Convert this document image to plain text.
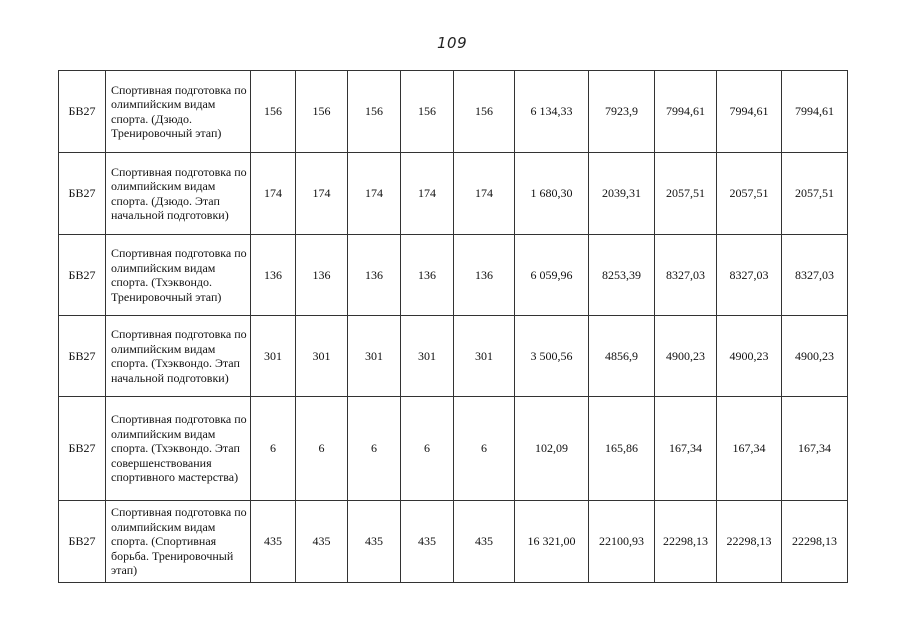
109
БВ27	Спортивная подготовка по олимпийским видам спорта. (Дзюдо. Тренировочный этап)	156	156	156	156	156	6 134,33	7923,9	7994,61	7994,61	7994,61
БВ27	Спортивная подготовка по олимпийским видам спорта. (Дзюдо. Этап начальной подготовки)	174	174	174	174	174	1 680,30	2039,31	2057,51	2057,51	2057,51
БВ27	Спортивная подготовка по олимпийским видам спорта. (Тхэквондо. Тренировочный этап)	136	136	136	136	136	6 059,96	8253,39	8327,03	8327,03	8327,03
БВ27	Спортивная подготовка по олимпийским видам спорта. (Тхэквондо. Этап начальной подготовки)	301	301	301	301	301	3 500,56	4856,9	4900,23	4900,23	4900,23
БВ27	Спортивная подготовка по олимпийским видам спорта. (Тхэквондо. Этап совершенствования спортивного мастерства)	6	6	6	6	6	102,09	165,86	167,34	167,34	167,34
БВ27	Спортивная подготовка по олимпийским видам спорта. (Спортивная борьба. Тренировочный этап)	435	435	435	435	435	16 321,00	22100,93	22298,13	22298,13	22298,13
